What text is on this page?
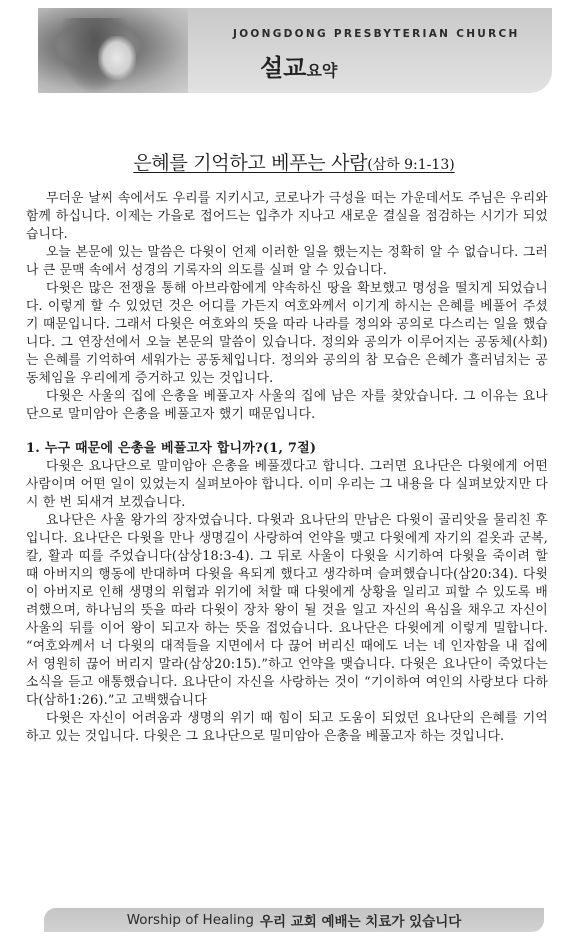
JOONGDONG PRESBYTERIAN CHURCH
설교요약
은혜를 기억하고 베푸는 사람(삼하 9:1-13)

무더운 날씨 속에서도 우리를 지키시고, 코로나가 극성을 떠는 가운데서도 주님은 우리와 함께 하십니다. 이제는 가을로 접어드는 입추가 지나고 새로운 결실을 점검하는 시기가 되었습니다.

오늘 본문에 있는 말씀은 다윗이 언제 이러한 일을 했는지는 정확히 알 수 없습니다. 그러나 큰 문맥 속에서 성경의 기록자의 의도를 실펴 알 수 있습니다.

다윗은 많은 전쟁을 통해 아브라함에게 약속하신 땅을 확보했고 명성을 떨치게 되었습니다. 이렇게 할 수 있었던 것은 어디를 가든지 여호와께서 이기게 하시는 은혜를 베풀어 주셨기 때문입니다. 그래서 다윗은 여호와의 뜻을 따라 나라를 정의와 공의로 다스리는 일을 했습니다. 그 연장선에서 오늘 본문의 말씀이 있습니다. 정의와 공의가 이루어지는 공동체(사회)는 은혜를 기억하여 세워가는 공동체입니다. 정의와 공의의 참 모습은 은혜가 흘러넘치는 공동체임을 우리에게 증거하고 있는 것입니다.

다윗은 사울의 집에 은총을 베풀고자 사울의 집에 남은 자를 찾았습니다. 그 이유는 요나단으로 말미암아 은총을 베풀고자 했기 때문입니다.

1. 누구 때문에 은총을 베풀고자 합니까?(1, 7절)

다윗은 요나단으로 말미암아 은총을 베풀겠다고 합니다. 그러면 요나단은 다윗에게 어떤 사람이며 어떤 일이 있었는지 실펴보아야 합니다. 이미 우리는 그 내용을 다 실펴보았지만 다시 한 번 되새겨 보겠습니다.

요나단은 사울 왕가의 장자였습니다. 다윗과 요나단의 만남은 다윗이 골리앗을 물리친 후입니다. 요나단은 다윗을 만나 생명길이 사랑하여 언약을 맺고 다윗에게 자기의 겉옷과 군복, 칼, 활과 띠를 주었습니다(삼상18:3-4). 그 뒤로 사울이 다윗을 시기하여 다윗을 죽이려 할 때 아버지의 행동에 반대하며 다윗을 욕되게 했다고 생각하며 슬퍼했습니다(삼20:34). 다윗이 아버지로 인해 생명의 위협과 위기에 처할 때 다윗에게 상황을 일리고 피할 수 있도록 배려했으며, 하나님의 뜻을 따라 다윗이 장차 왕이 될 것을 일고 자신의 욕심을 채우고 자신이 사울의 뒤를 이어 왕이 되고자 하는 뜻을 접었습니다. 요나단은 다윗에게 이렇게 밀합니다. “여호와께서 너 다윗의 대적들을 지면에서 다 끊어 버리신 때에도 너는 네 인자함을 내 집에서 영원히 끊어 버리지 말라(삼상20:15).”하고 언약을 맺습니다. 다윗은 요나단이 죽었다는 소식을 듣고 애통했습니다. 요나단이 자신을 사랑하는 것이 “기이하여 여인의 사랑보다 다하다(삼하1:26).”고 고백했습니다

다윗은 자신이 어려움과 생명의 위기 때 힘이 되고 도움이 되었던 요나단의 은혜를 기억하고 있는 것입니다. 다윗은 그 요나단으로 밀미암아 은총을 베풀고자 하는 것입니다.

Worship of Healing 우리 교회 예배는 치료가 있습니다
